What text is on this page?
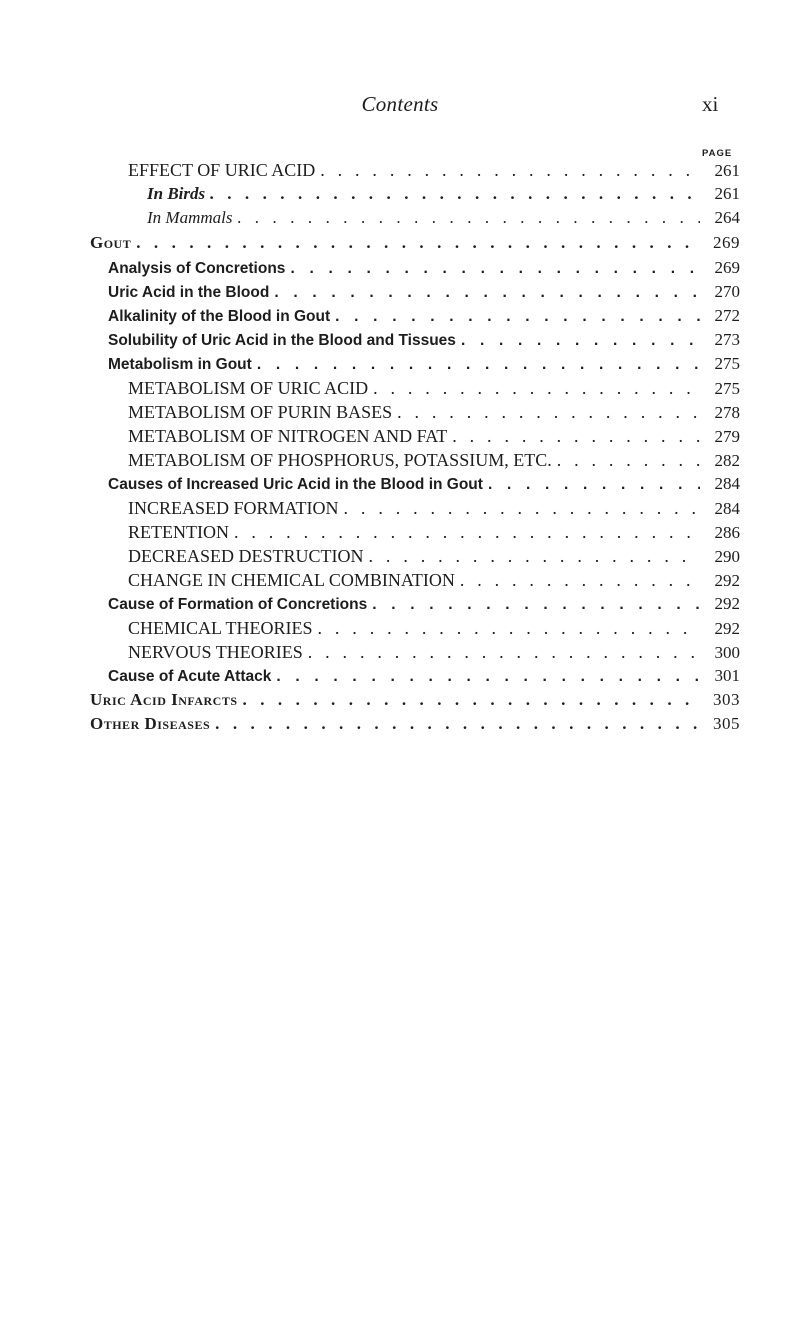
Contents	xi
PAGE
EFFECT OF URIC ACID . . .	261
In Birds . . .	261
In Mammals . . .	264
Gout . . .	269
Analysis of Concretions . . .	269
Uric Acid in the Blood . . .	270
Alkalinity of the Blood in Gout . . .	272
Solubility of Uric Acid in the Blood and Tissues . . .	273
Metabolism in Gout . . .	275
METABOLISM OF URIC ACID . . .	275
METABOLISM OF PURIN BASES . . .	278
METABOLISM OF NITROGEN AND FAT . . .	279
METABOLISM OF PHOSPHORUS, POTASSIUM, ETC. . . .	282
Causes of Increased Uric Acid in the Blood in Gout . . .	284
INCREASED FORMATION . . .	284
RETENTION . . .	286
DECREASED DESTRUCTION . . .	290
CHANGE IN CHEMICAL COMBINATION . . .	292
Cause of Formation of Concretions . . .	292
CHEMICAL THEORIES . . .	292
NERVOUS THEORIES . . .	300
Cause of Acute Attack . . .	301
Uric Acid Infarcts . . .	303
Other Diseases . . .	305
